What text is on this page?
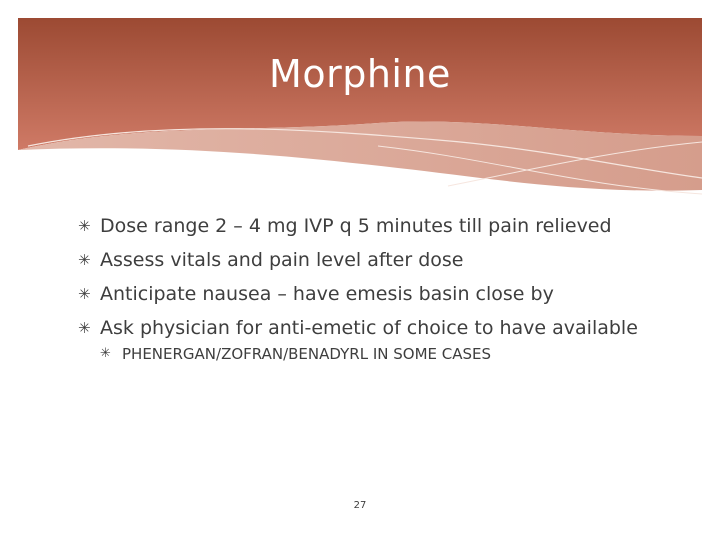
Morphine
✳ Dose range 2 – 4 mg IVP q 5 minutes till pain relieved
✳ Assess vitals and pain level after dose
✳ Anticipate nausea – have emesis basin close by
✳ Ask physician for anti-emetic of choice to have available
✳ PHENERGAN/ZOFRAN/BENADYRL IN SOME CASES
27
